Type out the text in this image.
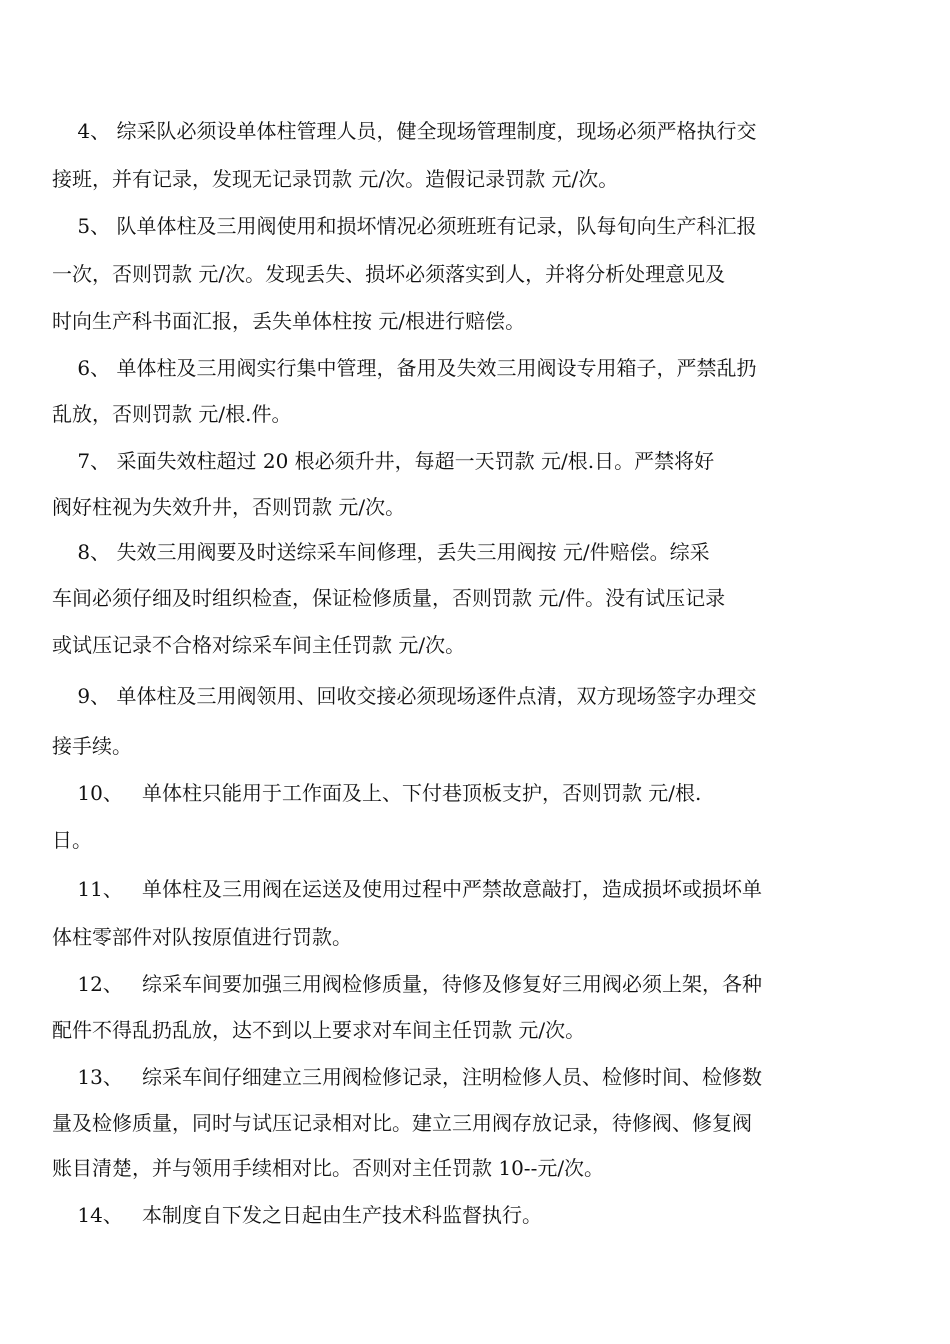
4、 综采队必须设单体柱管理人员，健全现场管理制度，现场必须严格执行交
接班，并有记录，发现无记录罚款 元/次。造假记录罚款 元/次。
5、 队单体柱及三用阀使用和损坏情况必须班班有记录，队每旬向生产科汇报
一次，否则罚款 元/次。发现丢失、损坏必须落实到人，并将分析处理意见及
时向生产科书面汇报，丢失单体柱按 元/根进行赔偿。
6、 单体柱及三用阀实行集中管理，备用及失效三用阀设专用箱子，严禁乱扔
乱放，否则罚款 元/根.件。
7、 采面失效柱超过 20 根必须升井，每超一天罚款 元/根.日。严禁将好
阀好柱视为失效升井，否则罚款 元/次。
8、 失效三用阀要及时送综采车间修理，丢失三用阀按 元/件赔偿。综采
车间必须仔细及时组织检查，保证检修质量，否则罚款 元/件。没有试压记录
或试压记录不合格对综采车间主任罚款 元/次。
9、 单体柱及三用阀领用、回收交接必须现场逐件点清，双方现场签字办理交
接手续。
10、   单体柱只能用于工作面及上、下付巷顶板支护，否则罚款 元/根.
日。
11、   单体柱及三用阀在运送及使用过程中严禁故意敲打，造成损坏或损坏单
体柱零部件对队按原值进行罚款。
12、   综采车间要加强三用阀检修质量，待修及修复好三用阀必须上架，各种
配件不得乱扔乱放，达不到以上要求对车间主任罚款 元/次。
13、   综采车间仔细建立三用阀检修记录，注明检修人员、检修时间、检修数
量及检修质量，同时与试压记录相对比。建立三用阀存放记录，待修阀、修复阀
账目清楚，并与领用手续相对比。否则对主任罚款 10--元/次。
14、   本制度自下发之日起由生产技术科监督执行。
